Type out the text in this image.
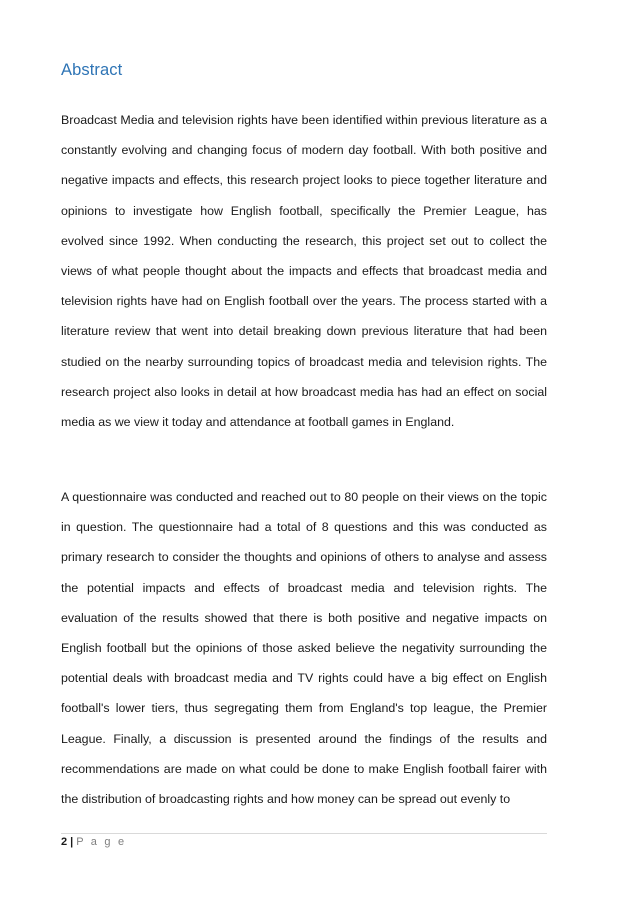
Abstract

Broadcast Media and television rights have been identified within previous literature as a constantly evolving and changing focus of modern day football. With both positive and negative impacts and effects, this research project looks to piece together literature and opinions to investigate how English football, specifically the Premier League, has evolved since 1992. When conducting the research, this project set out to collect the views of what people thought about the impacts and effects that broadcast media and television rights have had on English football over the years. The process started with a literature review that went into detail breaking down previous literature that had been studied on the nearby surrounding topics of broadcast media and television rights. The research project also looks in detail at how broadcast media has had an effect on social media as we view it today and attendance at football games in England.

A questionnaire was conducted and reached out to 80 people on their views on the topic in question. The questionnaire had a total of 8 questions and this was conducted as primary research to consider the thoughts and opinions of others to analyse and assess the potential impacts and effects of broadcast media and television rights. The evaluation of the results showed that there is both positive and negative impacts on English football but the opinions of those asked believe the negativity surrounding the potential deals with broadcast media and TV rights could have a big effect on English football's lower tiers, thus segregating them from England's top league, the Premier League. Finally, a discussion is presented around the findings of the results and recommendations are made on what could be done to make English football fairer with the distribution of broadcasting rights and how money can be spread out evenly to

2 | P a g e
